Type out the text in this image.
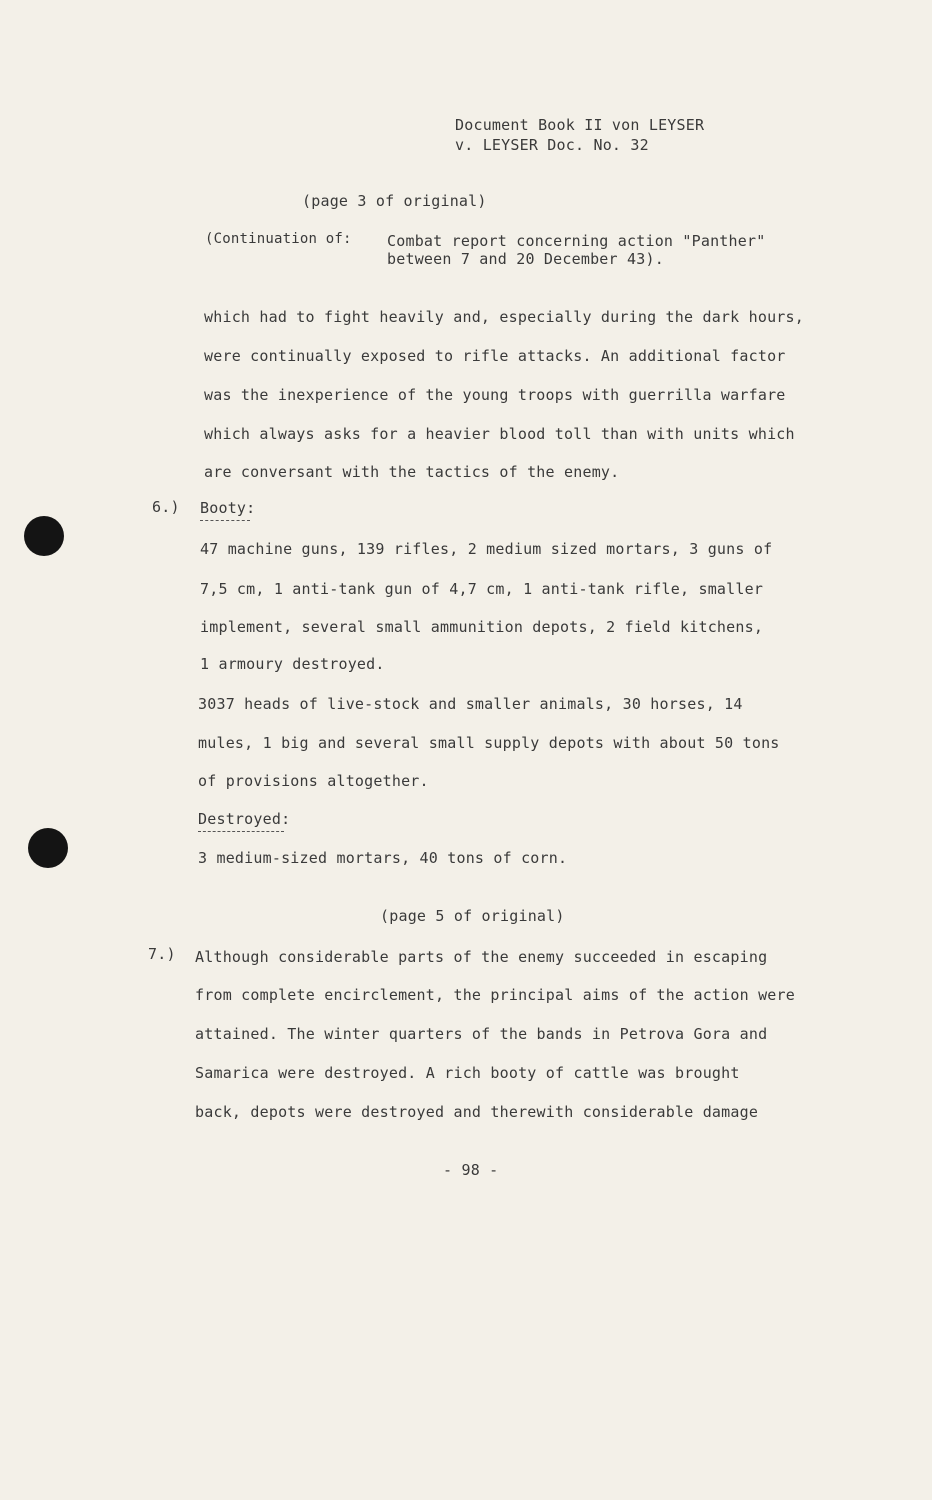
Document Book II von LEYSER
v. LEYSER Doc. No. 32
(page 3 of original)
(Continuation of: Combat report concerning action "Panther"
between 7 and 20 December 43).
which had to fight heavily and, especially during the dark hours,
were continually exposed to rifle attacks. An additional factor
was the inexperience of the young troops with guerrilla warfare
which always asks for a heavier blood toll than with units which
are conversant with the tactics of the enemy.
6.) Booty:
47 machine guns, 139 rifles, 2 medium sized mortars, 3 guns of
7,5 cm, 1 anti-tank gun of 4,7 cm, 1 anti-tank rifle, smaller
implement, several small ammunition depots, 2 field kitchens,
1 armoury destroyed.
3037 heads of live-stock and smaller animals, 30 horses, 14
mules, 1 big and several small supply depots with about 50 tons
of provisions altogether.
Destroyed:
3 medium-sized mortars, 40 tons of corn.
(page 5 of original)
7.) Although considerable parts of the enemy succeeded in escaping
from complete encirclement, the principal aims of the action were
attained. The winter quarters of the bands in Petrova Gora and
Samarica were destroyed. A rich booty of cattle was brought
back, depots were destroyed and therewith considerable damage
- 98 -
